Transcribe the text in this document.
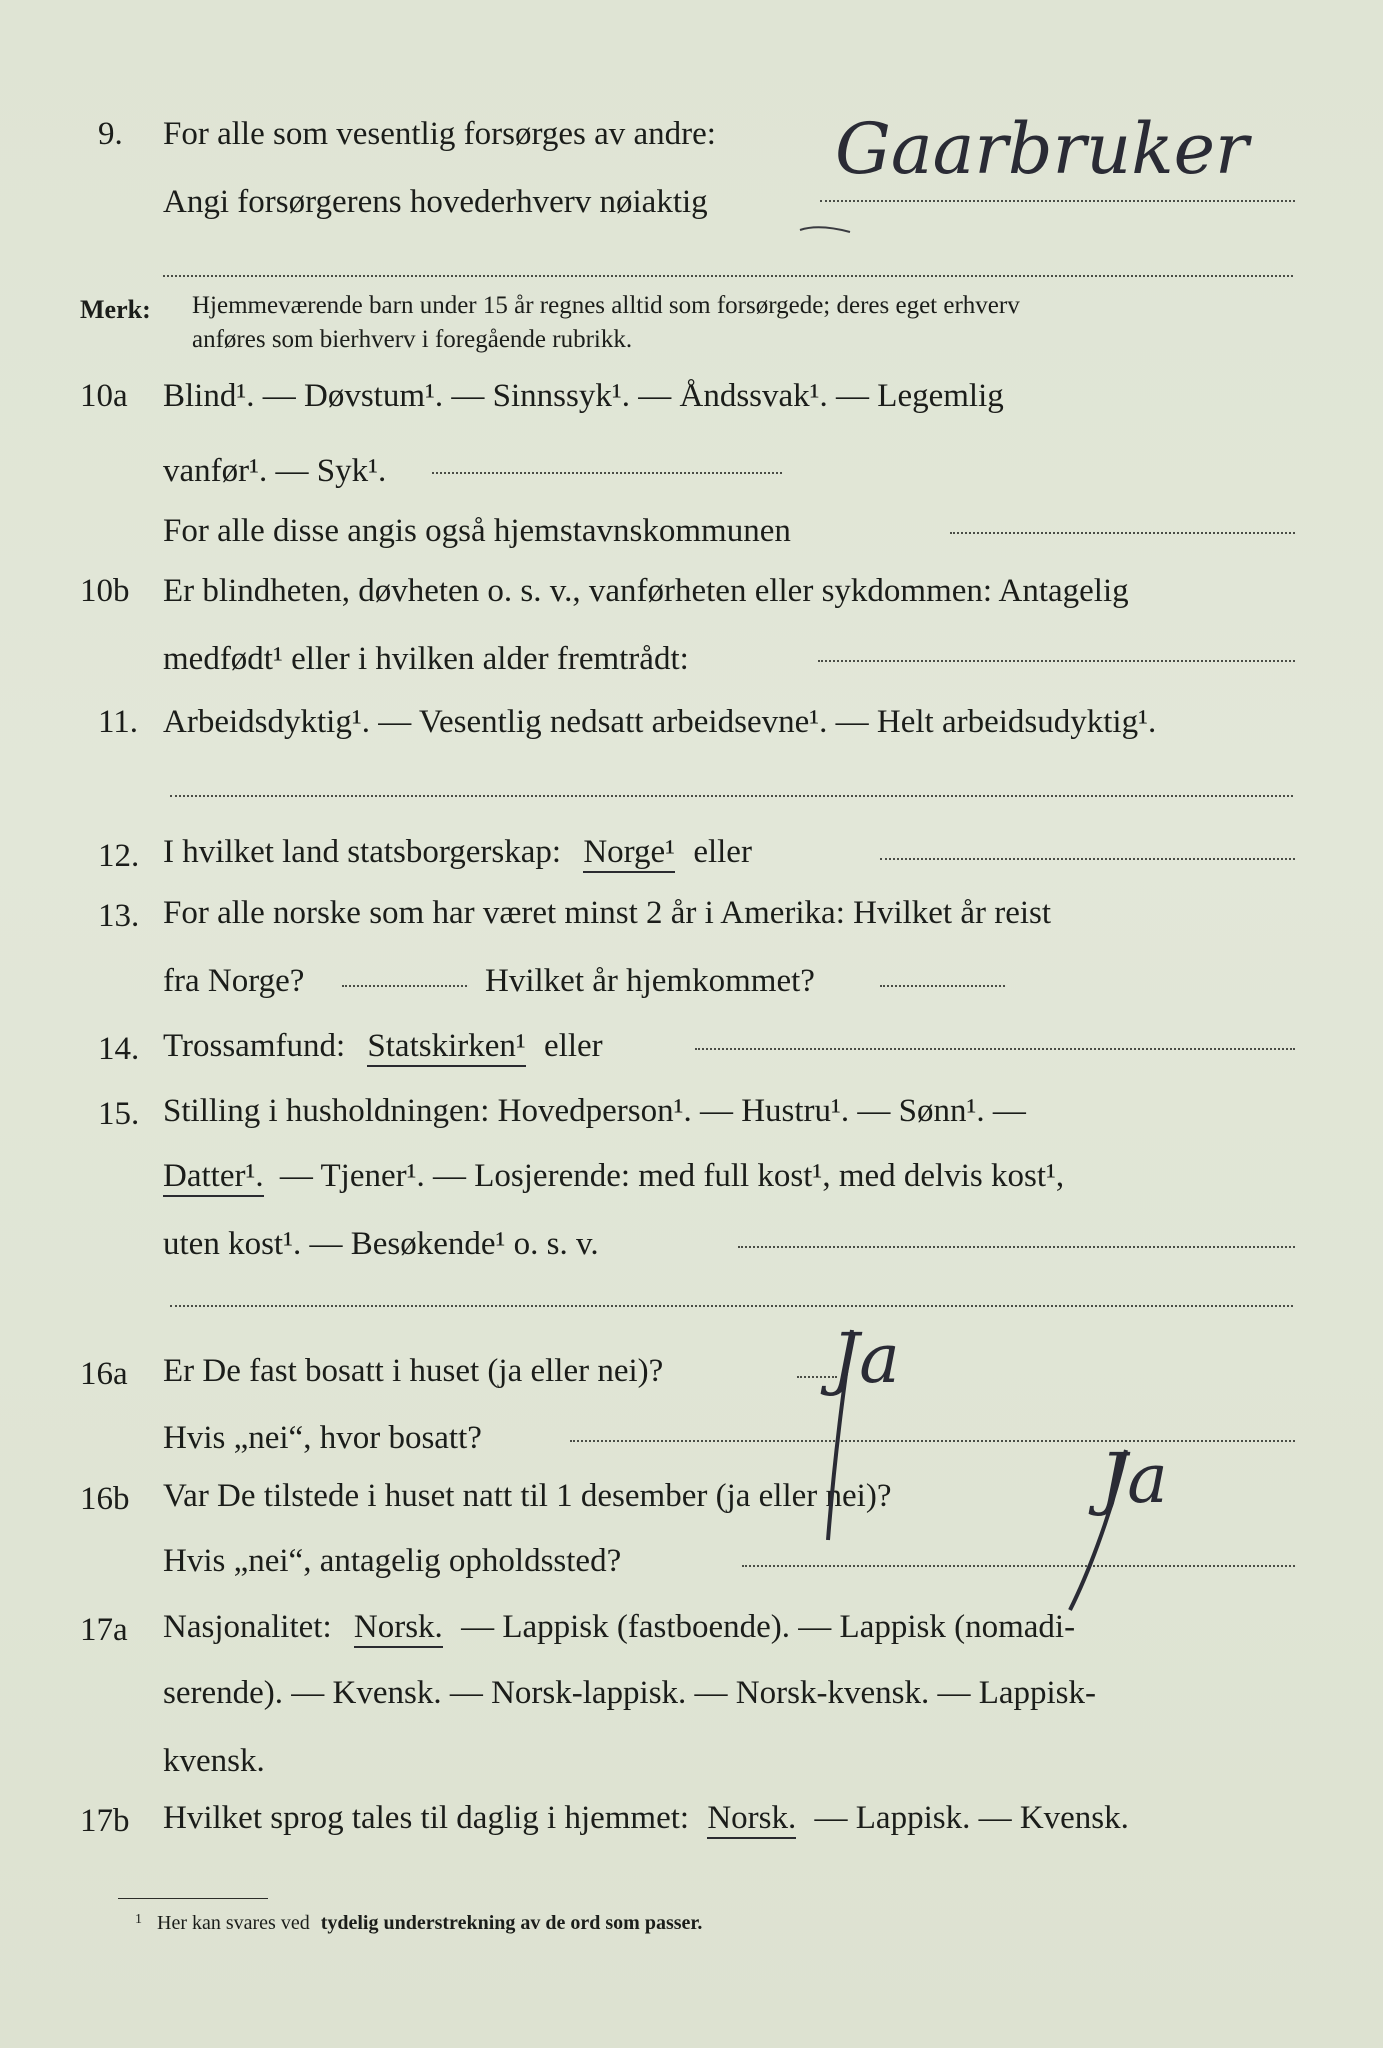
9. For alle som vesentlig forsørges av andre:
Angi forsørgerens hovederhverv nøiaktig
Gaarbruker
Merk: Hjemmeværende barn under 15 år regnes alltid som forsørgede; deres eget erhverv
anføres som bierhverv i foregående rubrikk.
10a Blind¹. — Døvstum¹. — Sinnssyk¹. — Åndssvak¹. — Legemlig
vanfør¹. — Syk¹.
For alle disse angis også hjemstavnskommunen
10b Er blindheten, døvheten o. s. v., vanførheten eller sykdommen: Antagelig
medfødt¹ eller i hvilken alder fremtrådt:
11. Arbeidsdyktig¹. — Vesentlig nedsatt arbeidsevne¹. — Helt arbeidsudyktig¹.
12. I hvilket land statsborgerskap: Norge¹ eller
13. For alle norske som har været minst 2 år i Amerika: Hvilket år reist
fra Norge?	Hvilket år hjemkommet?
14. Trossamfund: Statskirken¹ eller
15. Stilling i husholdningen: Hovedperson¹. — Hustru¹. — Sønn¹. —
Datter¹. — Tjener¹. — Losjerende: med full kost¹, med delvis kost¹,
uten kost¹. — Besøkende¹ o. s. v.
16a Er De fast bosatt i huset (ja eller nei)? Ja
Hvis „nei“, hvor bosatt?
16b Var De tilstede i huset natt til 1 desember (ja eller nei)?	Ja
Hvis „nei“, antagelig opholdssted?
17a Nasjonalitet: Norsk. — Lappisk (fastboende). — Lappisk (nomadi-
serende). — Kvensk. — Norsk-lappisk. — Norsk-kvensk. — Lappisk-
kvensk.
17b Hvilket sprog tales til daglig i hjemmet: Norsk. — Lappisk. — Kvensk.
$^1$ Her kan svares ved tydelig understrekning av de ord som passer.
